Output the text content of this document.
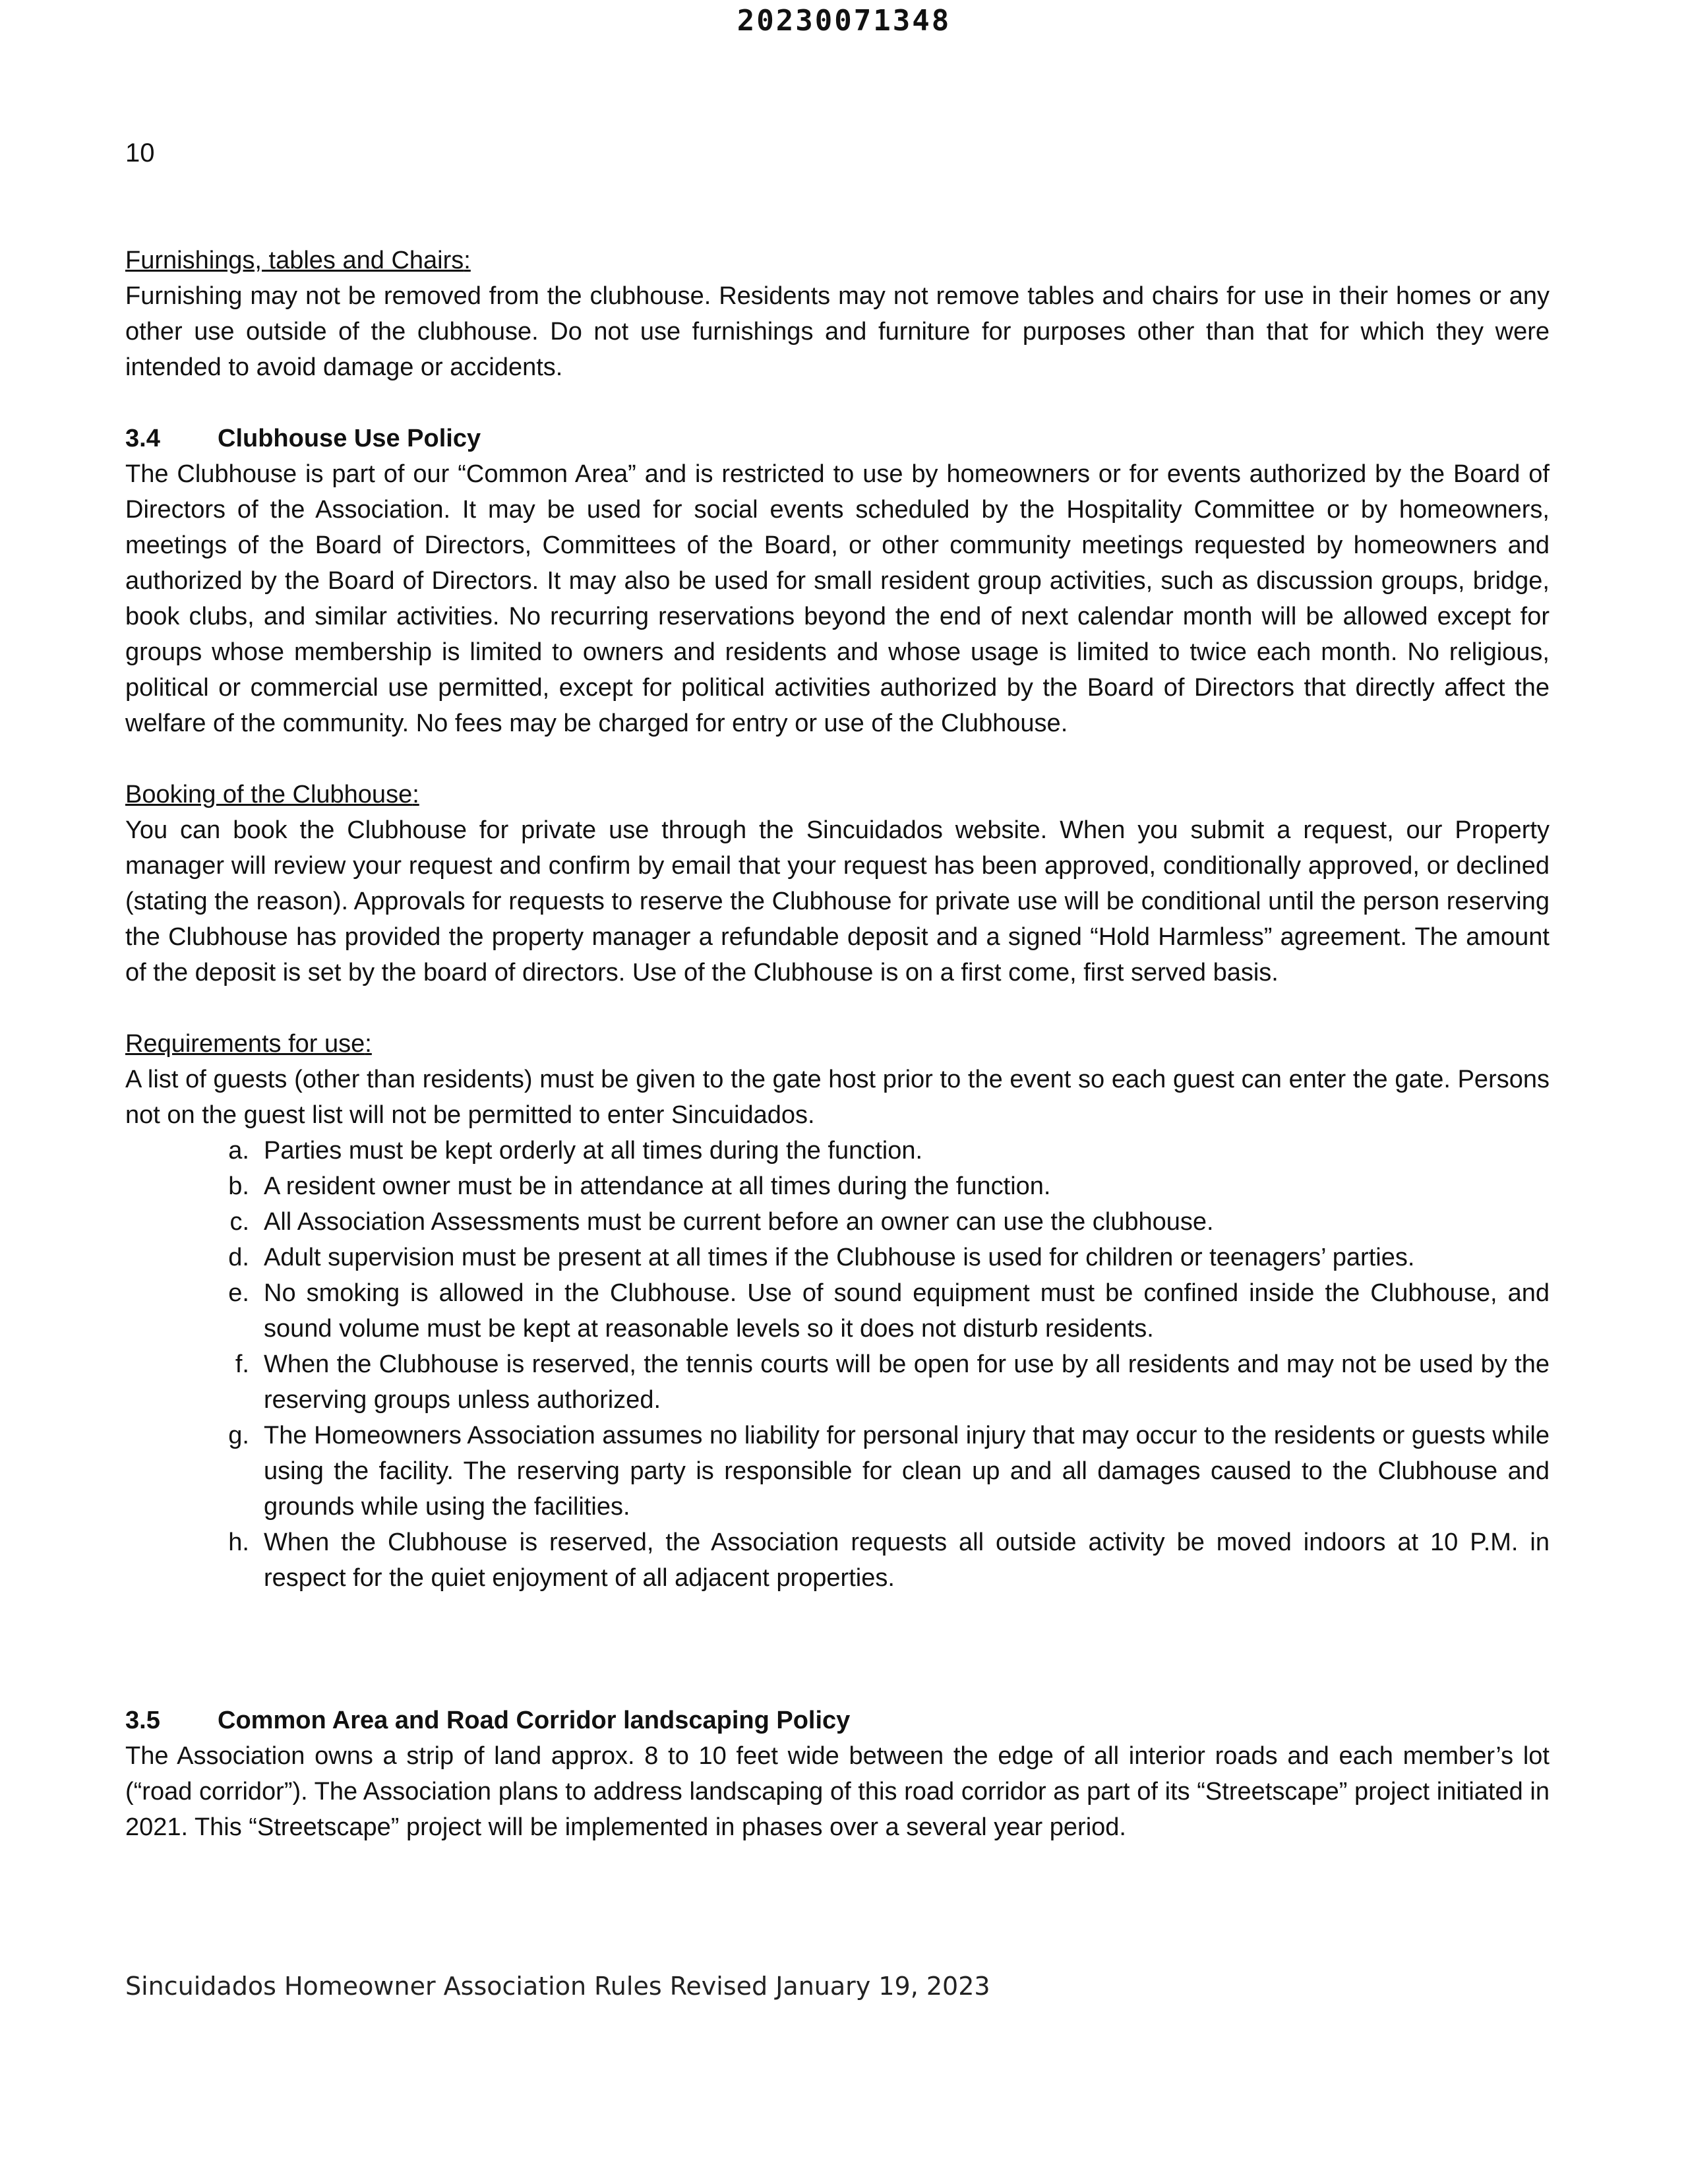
20230071348
10

Furnishings, tables and Chairs:

Furnishing may not be removed from the clubhouse. Residents may not remove tables and chairs for use in their homes or any other use outside of the clubhouse. Do not use furnishings and furniture for purposes other than that for which they were intended to avoid damage or accidents.

3.4 Clubhouse Use Policy

The Clubhouse is part of our “Common Area” and is restricted to use by homeowners or for events authorized by the Board of Directors of the Association. It may be used for social events scheduled by the Hospitality Committee or by homeowners, meetings of the Board of Directors, Committees of the Board, or other community meetings requested by homeowners and authorized by the Board of Directors. It may also be used for small resident group activities, such as discussion groups, bridge, book clubs, and similar activities. No recurring reservations beyond the end of next calendar month will be allowed except for groups whose membership is limited to owners and residents and whose usage is limited to twice each month. No religious, political or commercial use permitted, except for political activities authorized by the Board of Directors that directly affect the welfare of the community. No fees may be charged for entry or use of the Clubhouse.

Booking of the Clubhouse:

You can book the Clubhouse for private use through the Sincuidados website. When you submit a request, our Property manager will review your request and confirm by email that your request has been approved, conditionally approved, or declined (stating the reason). Approvals for requests to reserve the Clubhouse for private use will be conditional until the person reserving the Clubhouse has provided the property manager a refundable deposit and a signed “Hold Harmless” agreement. The amount of the deposit is set by the board of directors. Use of the Clubhouse is on a first come, first served basis.

Requirements for use:

A list of guests (other than residents) must be given to the gate host prior to the event so each guest can enter the gate. Persons not on the guest list will not be permitted to enter Sincuidados.

a. Parties must be kept orderly at all times during the function.
b. A resident owner must be in attendance at all times during the function.
c. All Association Assessments must be current before an owner can use the clubhouse.
d. Adult supervision must be present at all times if the Clubhouse is used for children or teenagers’ parties.
e. No smoking is allowed in the Clubhouse. Use of sound equipment must be confined inside the Clubhouse, and sound volume must be kept at reasonable levels so it does not disturb residents.
f. When the Clubhouse is reserved, the tennis courts will be open for use by all residents and may not be used by the reserving groups unless authorized.
g. The Homeowners Association assumes no liability for personal injury that may occur to the residents or guests while using the facility. The reserving party is responsible for clean up and all damages caused to the Clubhouse and grounds while using the facilities.
h. When the Clubhouse is reserved, the Association requests all outside activity be moved indoors at 10 P.M. in respect for the quiet enjoyment of all adjacent properties.

3.5 Common Area and Road Corridor landscaping Policy

The Association owns a strip of land approx. 8 to 10 feet wide between the edge of all interior roads and each member’s lot (“road corridor”). The Association plans to address landscaping of this road corridor as part of its “Streetscape” project initiated in 2021. This “Streetscape” project will be implemented in phases over a several year period.

Sincuidados Homeowner Association Rules Revised January 19, 2023
